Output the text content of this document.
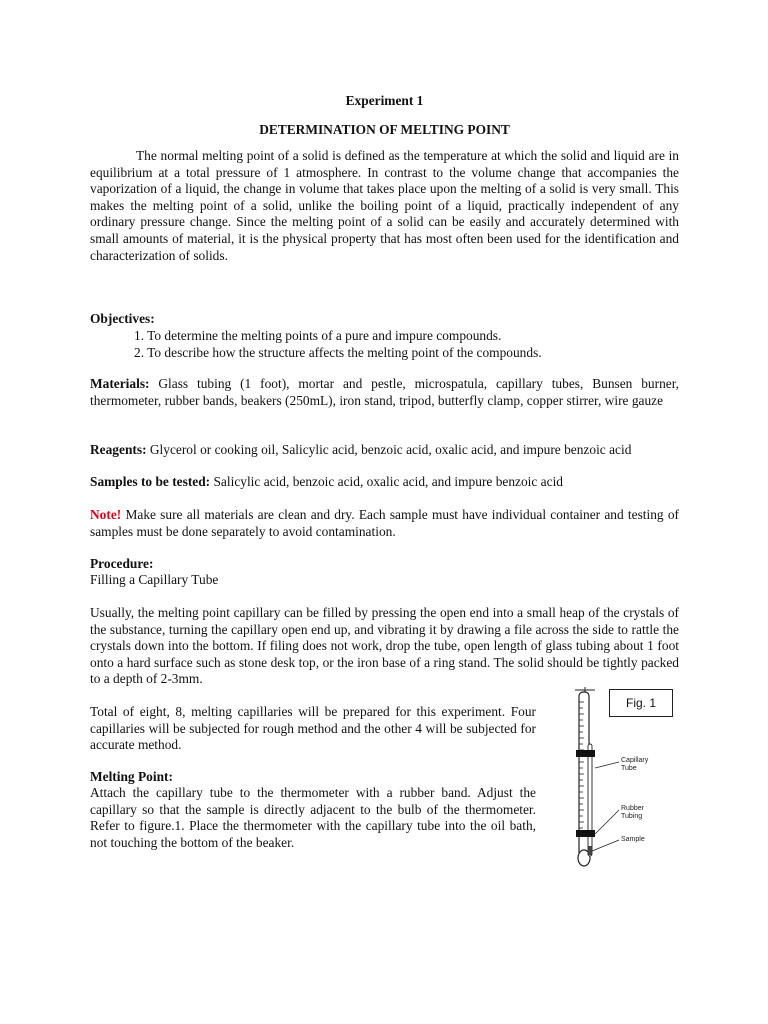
Experiment 1
DETERMINATION OF MELTING POINT

The normal melting point of a solid is defined as the temperature at which the solid and liquid are in equilibrium at a total pressure of 1 atmosphere. In contrast to the volume change that accompanies the vaporization of a liquid, the change in volume that takes place upon the melting of a solid is very small. This makes the melting point of a solid, unlike the boiling point of a liquid, practically independent of any ordinary pressure change. Since the melting point of a solid can be easily and accurately determined with small amounts of material, it is the physical property that has most often been used for the identification and characterization of solids.

Objectives:
1. To determine the melting points of a pure and impure compounds.
2. To describe how the structure affects the melting point of the compounds.

Materials: Glass tubing (1 foot), mortar and pestle, microspatula, capillary tubes, Bunsen burner, thermometer, rubber bands, beakers (250mL), iron stand, tripod, butterfly clamp, copper stirrer, wire gauze

Reagents: Glycerol or cooking oil, Salicylic acid, benzoic acid, oxalic acid, and impure benzoic acid

Samples to be tested: Salicylic acid, benzoic acid, oxalic acid, and impure benzoic acid

Note! Make sure all materials are clean and dry. Each sample must have individual container and testing of samples must be done separately to avoid contamination.

Procedure:
Filling a Capillary Tube

Usually, the melting point capillary can be filled by pressing the open end into a small heap of the crystals of the substance, turning the capillary open end up, and vibrating it by drawing a file across the side to rattle the crystals down into the bottom. If filing does not work, drop the tube, open length of glass tubing about 1 foot onto a hard surface such as stone desk top, or the iron base of a ring stand. The solid should be tightly packed to a depth of 2-3mm.

Total of eight, 8, melting capillaries will be prepared for this experiment. Four capillaries will be subjected for rough method and the other 4 will be subjected for accurate method.

Melting Point:

Attach the capillary tube to the thermometer with a rubber band. Adjust the capillary so that the sample is directly adjacent to the bulb of the thermometer. Refer to figure.1. Place the thermometer with the capillary tube into the oil bath, not touching the bottom of the beaker.

Fig. 1
Capillary
Tube
Rubber
Tubing
Sample
